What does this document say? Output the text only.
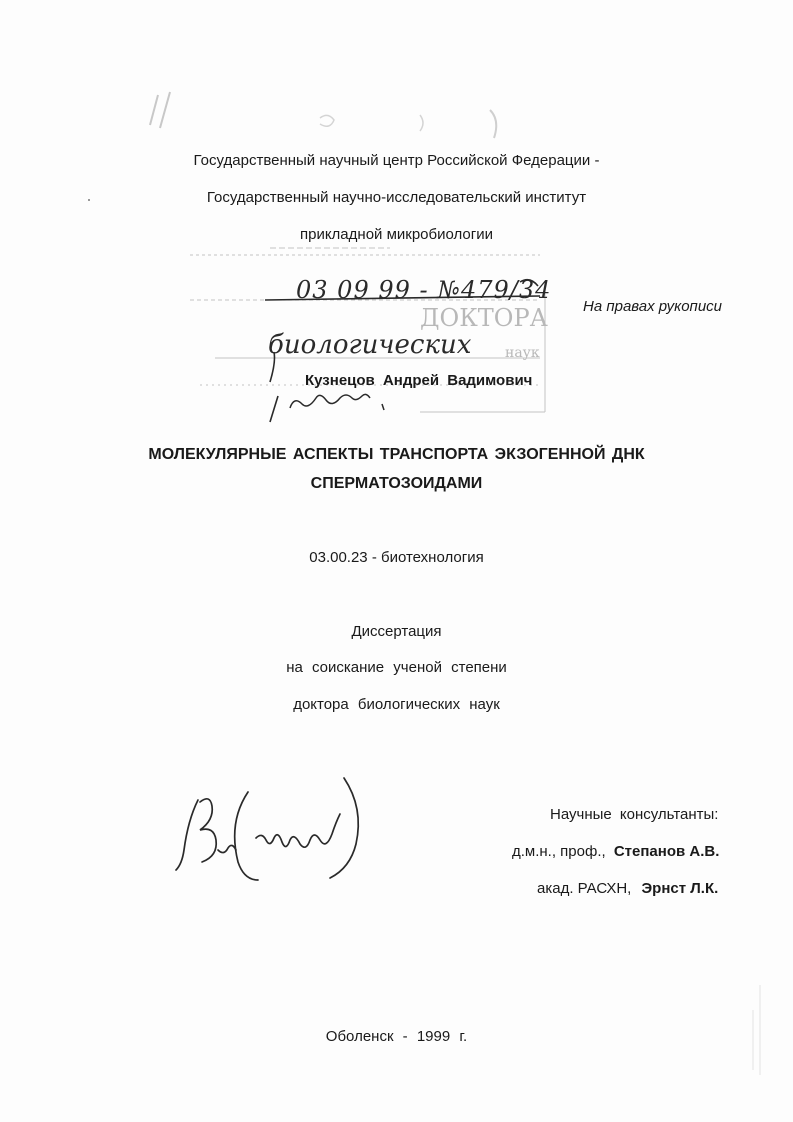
Государственный научный центр Российской Федерации -
Государственный научно-исследовательский институт
прикладной микробиологии
03 09 99 - №479/34
ДОКТОРА
биологических наук
На правах рукописи
Кузнецов Андрей Вадимович
МОЛЕКУЛЯРНЫЕ АСПЕКТЫ ТРАНСПОРТА ЭКЗОГЕННОЙ ДНК
СПЕРМАТОЗОИДАМИ
03.00.23 - биотехнология
Диссертация
на соискание ученой степени
доктора биологических наук
Научные консультанты:
д.м.н., проф., Степанов А.В.
акад. РАСХН, Эрнст Л.К.
Оболенск - 1999 г.
